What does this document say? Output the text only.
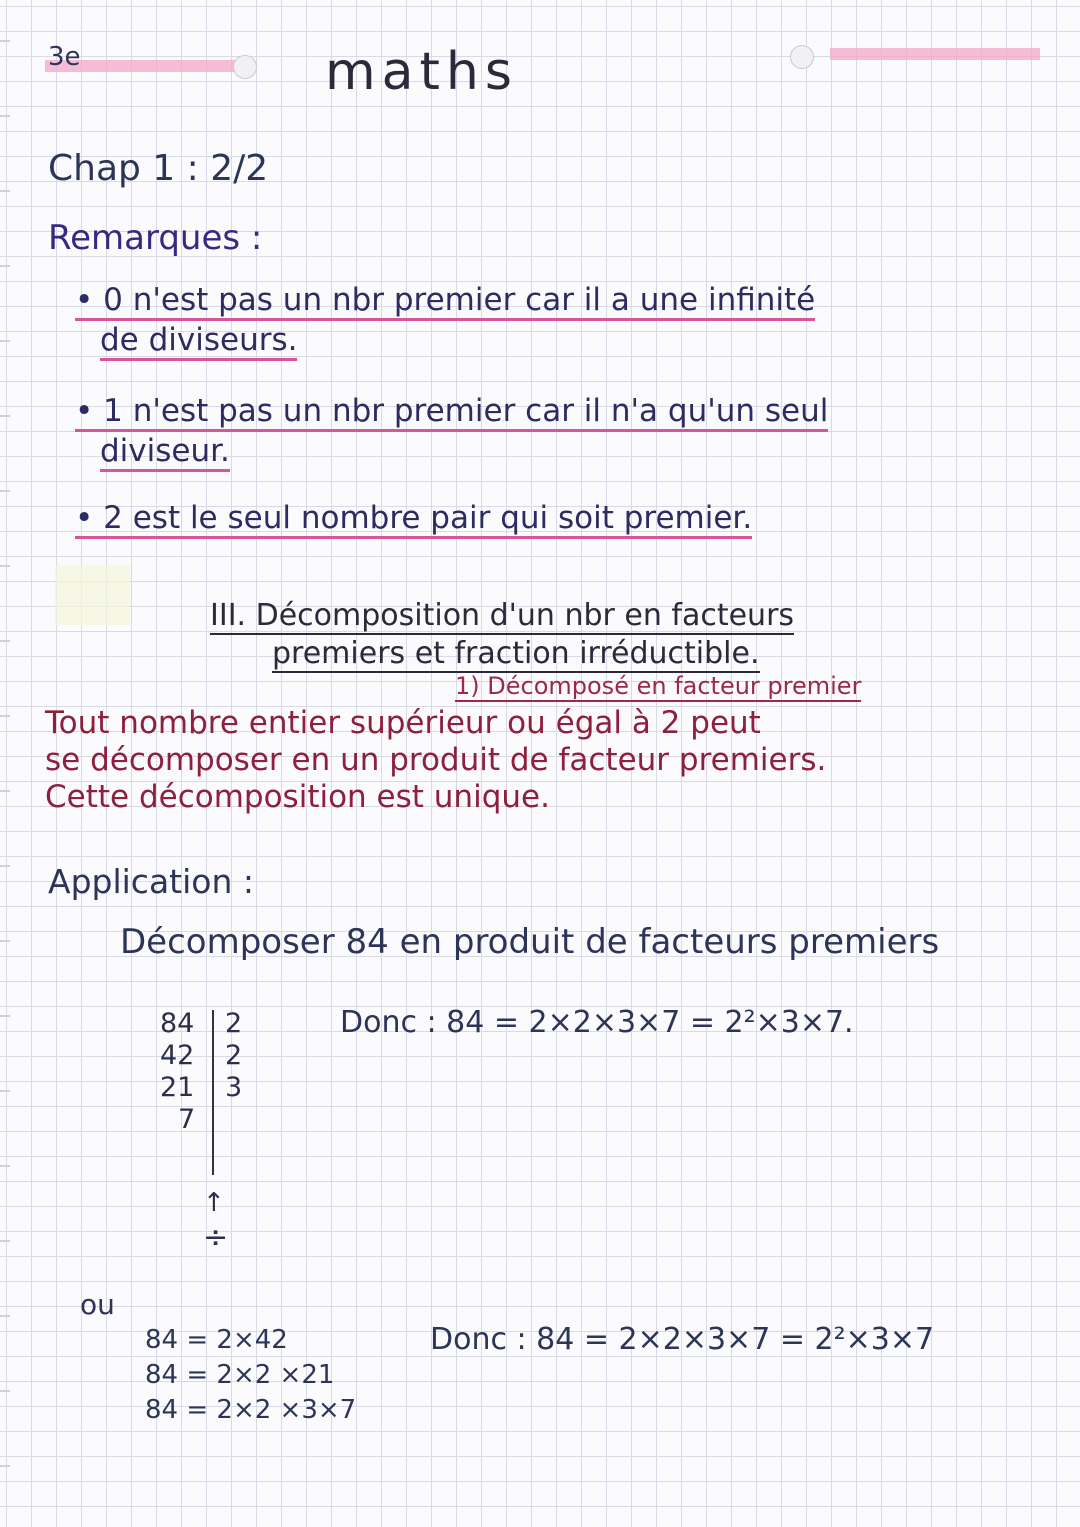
3e	maths
Chap 1 : 2/2
Remarques :
• 0 n'est pas un nbr premier car il a une infinité
de diviseurs.
• 1 n'est pas un nbr premier car il n'a qu'un seul
diviseur.
• 2 est le seul nombre pair qui soit premier.
III. Décomposition d'un nbr en facteurs
premiers et fraction irréductible.
1) Décomposé en facteur premier
Tout nombre entier supérieur ou égal à 2 peut
se décomposer en un produit de facteur premiers.
Cette décomposition est unique.
Application :
Décomposer 84 en produit de facteurs premiers
84
42
21
7
2
2
3
↑
÷
Donc : 84 = 2×2×3×7 = 2²×3×7.
ou
84 = 2×42
84 = 2×2 ×21
84 = 2×2 ×3×7
Donc : 84 = 2×2×3×7 = 2²×3×7
